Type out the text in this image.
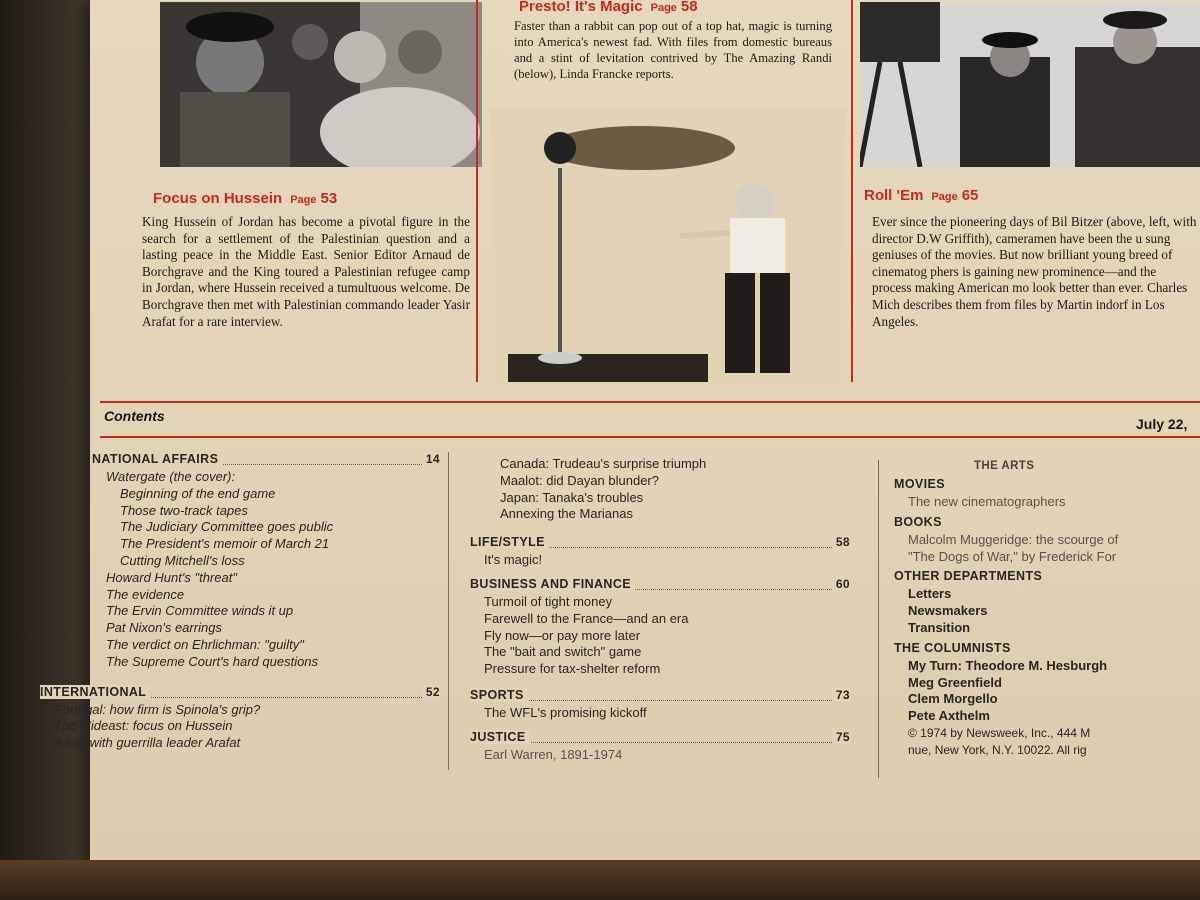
Focus on Hussein Page 53
King Hussein of Jordan has become a pivotal figure in the search for a settlement of the Palestinian question and a lasting peace in the Middle East. Senior Editor Arnaud de Borchgrave and the King toured a Palestinian refugee camp in Jordan, where Hussein received a tumultuous welcome. De Borchgrave then met with Palestinian commando leader Yasir Arafat for a rare interview.
Presto! It's Magic Page 58
Faster than a rabbit can pop out of a top hat, magic is turning into America's newest fad. With files from domestic bureaus and a stint of levitation contrived by The Amazing Randi (below), Linda Francke reports.
Roll 'Em Page 65
Ever since the pioneering days of Bil Bitzer (above, left, with director D.W Griffith), cameramen have been the u sung geniuses of the movies. But now brilliant young breed of cinematog phers is gaining new prominence—and the process making American mo look better than ever. Charles Mich describes them from files by Martin indorf in Los Angeles.
Contents	July 22,
NATIONAL AFFAIRS	14
Watergate (the cover):
Beginning of the end game
Those two-track tapes
The Judiciary Committee goes public
The President's memoir of March 21
Cutting Mitchell's loss
Howard Hunt's "threat"
The evidence
The Ervin Committee winds it up
Pat Nixon's earrings
The verdict on Ehrlichman: "guilty"
The Supreme Court's hard questions
INTERNATIONAL	52
Portugal: how firm is Spinola's grip?
The Mideast: focus on Hussein
A talk with guerrilla leader Arafat
Canada: Trudeau's surprise triumph
Maalot: did Dayan blunder?
Japan: Tanaka's troubles
Annexing the Marianas
LIFE/STYLE	58
It's magic!
BUSINESS AND FINANCE	60
Turmoil of tight money
Farewell to the France—and an era
Fly now—or pay more later
The "bait and switch" game
Pressure for tax-shelter reform
SPORTS	73
The WFL's promising kickoff
JUSTICE	75
Earl Warren, 1891-1974
THE ARTS
MOVIES
The new cinematographers
BOOKS
Malcolm Muggeridge: the scourge of
"The Dogs of War," by Frederick For
OTHER DEPARTMENTS
Letters
Newsmakers
Transition
THE COLUMNISTS
My Turn: Theodore M. Hesburgh
Meg Greenfield
Clem Morgello
Pete Axthelm
© 1974 by Newsweek, Inc., 444 M
nue, New York, N.Y. 10022. All rig
